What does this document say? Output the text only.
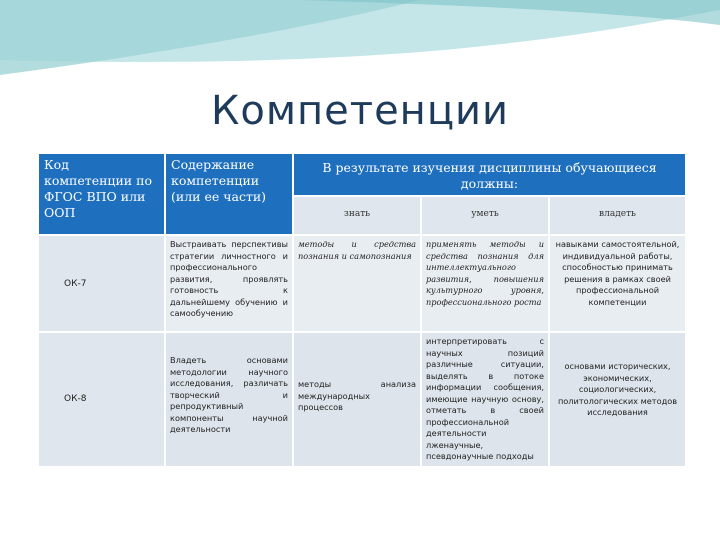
Компетенции
Код компетенции по ФГОС ВПО или ООП	Содержание компетенции (или ее части)	В результате изучения дисциплины обучающиеся должны:		
		знать	уметь	владеть
ОК-7	Выстраивать перспективы стратегии личностного и профессионального развития, проявлять готовность к дальнейшему обучению и самообучению	методы и средства познания и самопознания	применять методы и средства познания для интеллектуального развития, повышения культурного уровня, профессионального роста	навыками самостоятельной, индивидуальной работы, способностью принимать решения в рамках своей профессиональной компетенции
ОК-8	Владеть основами методологии научного исследования, различать творческий и репродуктивный компоненты научной деятельности	методы анализа международных процессов	интерпретировать с научных позиций различные ситуации, выделять в потоке информации сообщения, имеющие научную основу, отметать в своей профессиональной деятельности лженаучные, псевдонаучные подходы	основами исторических, экономических, социологических, политологических методов исследования
